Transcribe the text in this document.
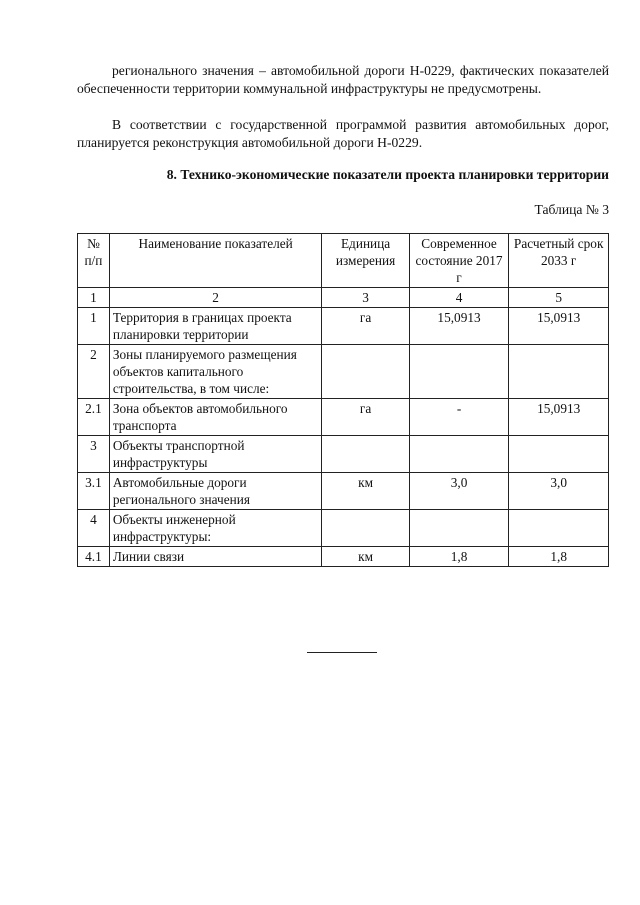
регионального значения – автомобильной дороги Н-0229, фактических показателей обеспеченности территории коммунальной инфраструктуры не предусмотрены.

В соответствии с государственной программой развития автомобильных дорог, планируется реконструкция автомобильной дороги Н-0229.

8. Технико-экономические показатели проекта планировки территории

Таблица № 3

№ п/п	Наименование показателей	Единица измерения	Современное состояние 2017 г	Расчетный срок 2033 г
1	2	3	4	5
1	Территория в границах проекта планировки территории	га	15,0913	15,0913
2	Зоны планируемого размещения объектов капитального строительства, в том числе:			
2.1	Зона объектов автомобильного транспорта	га	-	15,0913
3	Объекты транспортной инфраструктуры			
3.1	Автомобильные дороги регионального значения	км	3,0	3,0
4	Объекты инженерной инфраструктуры:			
4.1	Линии связи	км	1,8	1,8
